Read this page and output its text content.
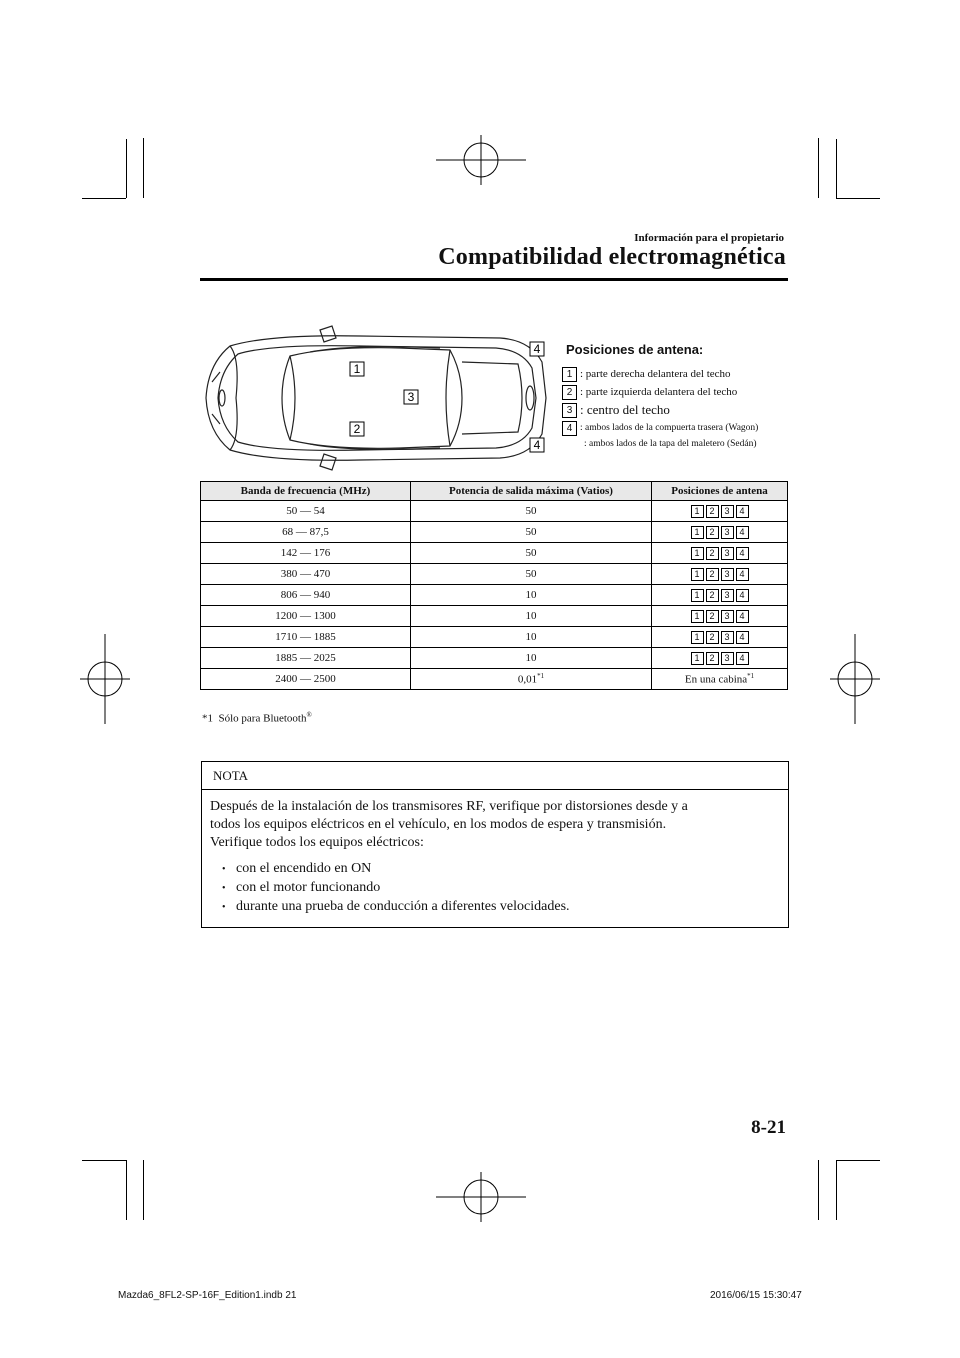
Información para el propietario
Compatibilidad electromagnética
1
2
3
4
4
Posiciones de antena:
1 : parte derecha delantera del techo
2 : parte izquierda delantera del techo
3 : centro del techo
4 : ambos lados de la compuerta trasera (Wagon)
: ambos lados de la tapa del maletero (Sedán)
Banda de frecuencia (MHz)	Potencia de salida máxima (Vatios)	Posiciones de antena
50 — 54	50	1 2 3 4

68 — 87,5	50	1 2 3 4

142 — 176	50	1 2 3 4

380 — 470	50	1 2 3 4

806 — 940	10	1 2 3 4

1200 — 1300	10	1 2 3 4

1710 — 1885	10	1 2 3 4

1885 — 2025	10	1 2 3 4

2400 — 2500	0,01$^{*1}$	En una cabina$^{*1}$
*1 Sólo para Bluetooth®
NOTA
Después de la instalación de los transmisores RF, verifique por distorsiones desde y a
todos los equipos eléctricos en el vehículo, en los modos de espera y transmisión.
Verifique todos los equipos eléctricos:
• con el encendido en ON
• con el motor funcionando
• durante una prueba de conducción a diferentes velocidades.
8-21
Mazda6_8FL2-SP-16F_Edition1.indb 21	2016/06/15 15:30:47
